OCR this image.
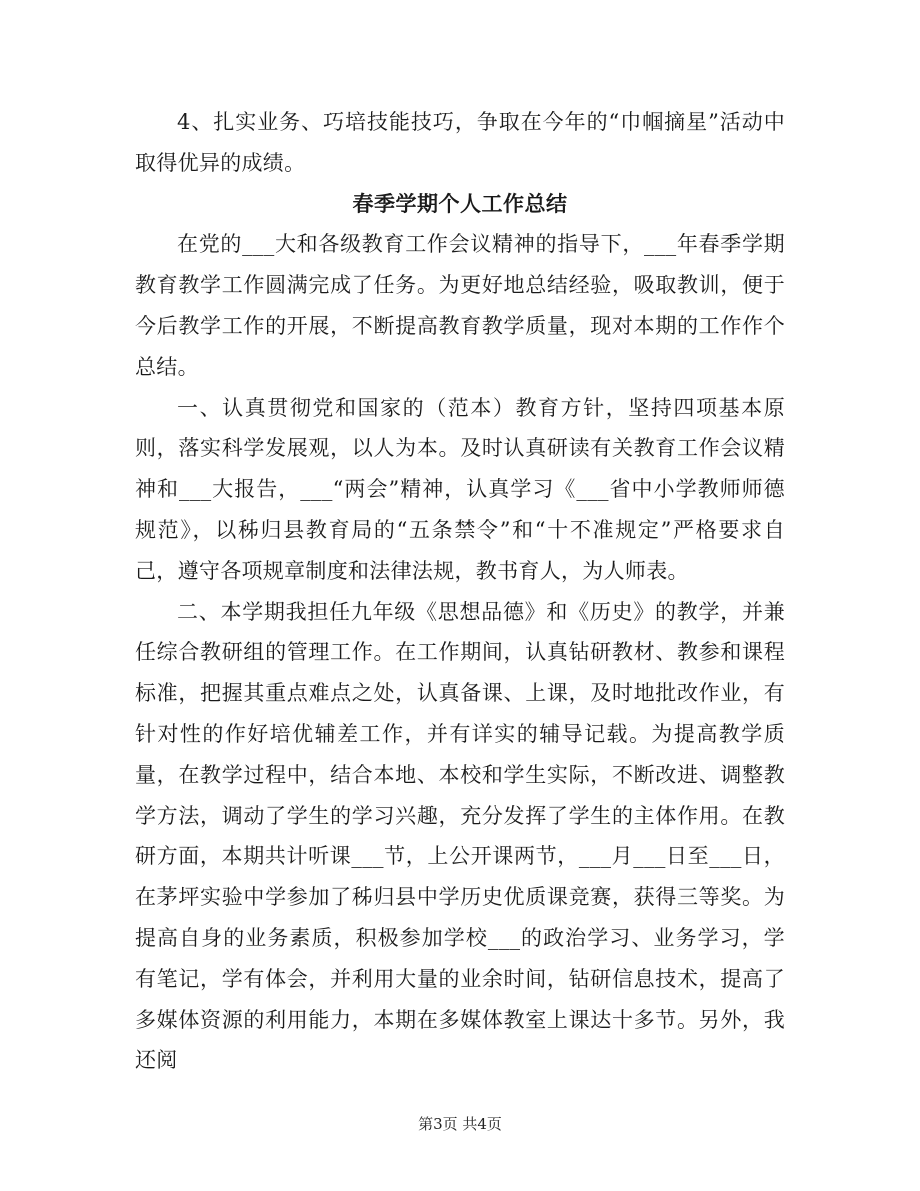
4、扎实业务、巧培技能技巧，争取在今年的“巾帼摘星”活动中取得优异的成绩。

春季学期个人工作总结

在党的___大和各级教育工作会议精神的指导下，___年春季学期教育教学工作圆满完成了任务。为更好地总结经验，吸取教训，便于今后教学工作的开展，不断提高教育教学质量，现对本期的工作作个总结。

一、认真贯彻党和国家的（范本）教育方针，坚持四项基本原则，落实科学发展观，以人为本。及时认真研读有关教育工作会议精神和___大报告，___“两会”精神，认真学习《___省中小学教师师德规范》，以秭归县教育局的“五条禁令”和“十不准规定”严格要求自己，遵守各项规章制度和法律法规，教书育人，为人师表。

二、本学期我担任九年级《思想品德》和《历史》的教学，并兼任综合教研组的管理工作。在工作期间，认真钻研教材、教参和课程标准，把握其重点难点之处，认真备课、上课，及时地批改作业，有针对性的作好培优辅差工作，并有详实的辅导记载。为提高教学质量，在教学过程中，结合本地、本校和学生实际，不断改进、调整教学方法，调动了学生的学习兴趣，充分发挥了学生的主体作用。在教研方面，本期共计听课___节，上公开课两节，___月___日至___日，在茅坪实验中学参加了秭归县中学历史优质课竞赛，获得三等奖。为提高自身的业务素质，积极参加学校___的政治学习、业务学习，学有笔记，学有体会，并利用大量的业余时间，钻研信息技术，提高了多媒体资源的利用能力，本期在多媒体教室上课达十多节。另外，我还阅

第3页 共4页
